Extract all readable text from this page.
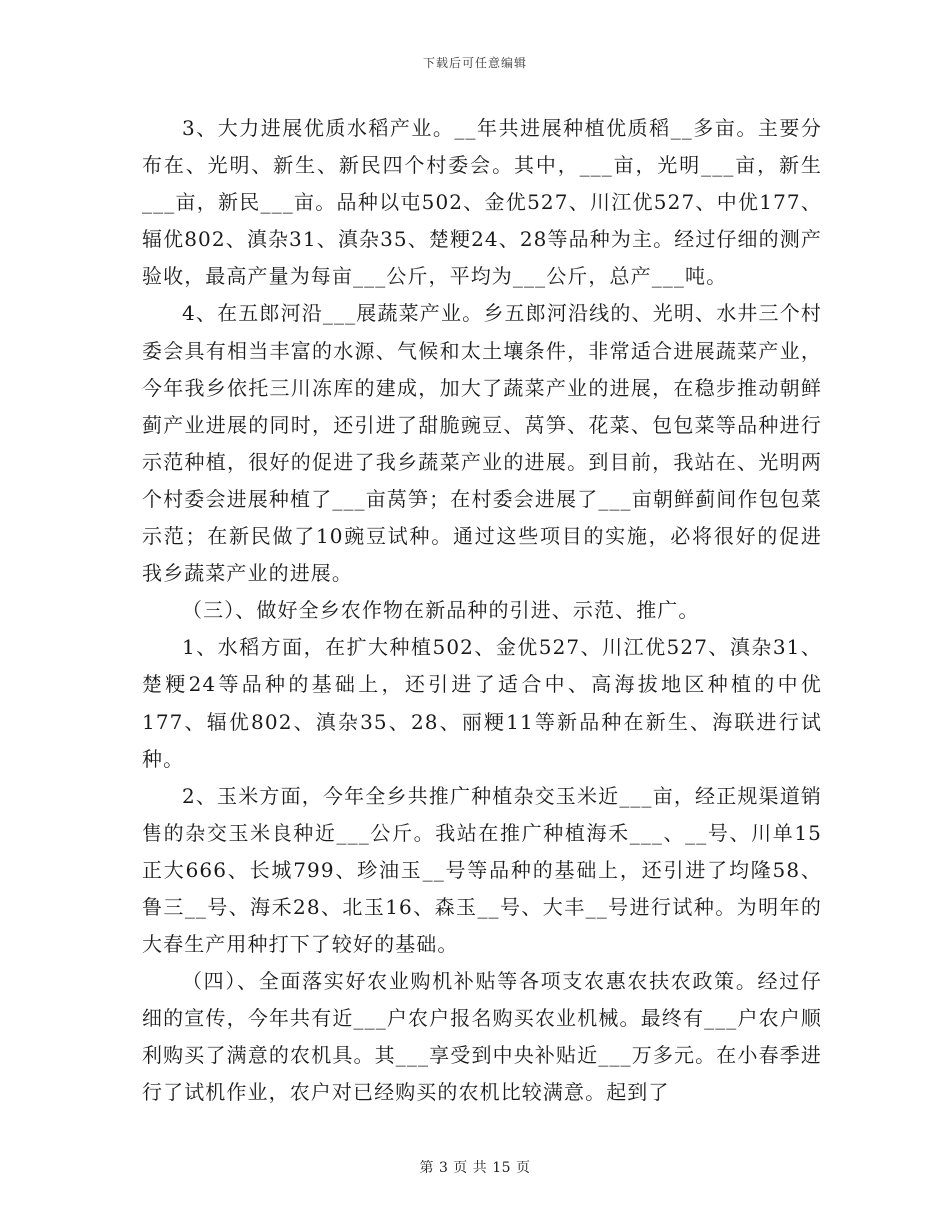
下载后可任意编辑

3、大力进展优质水稻产业。__年共进展种植优质稻__多亩。主要分布在、光明、新生、新民四个村委会。其中，___亩，光明___亩，新生___亩，新民___亩。品种以屯502、金优527、川江优527、中优177、辐优802、滇杂31、滇杂35、楚粳24、28等品种为主。经过仔细的测产验收，最高产量为每亩___公斤，平均为___公斤，总产___吨。

4、在五郎河沿___展蔬菜产业。乡五郎河沿线的、光明、水井三个村委会具有相当丰富的水源、气候和太土壤条件，非常适合进展蔬菜产业，今年我乡依托三川冻库的建成，加大了蔬菜产业的进展，在稳步推动朝鲜蓟产业进展的同时，还引进了甜脆豌豆、莴笋、花菜、包包菜等品种进行示范种植，很好的促进了我乡蔬菜产业的进展。到目前，我站在、光明两个村委会进展种植了___亩莴笋；在村委会进展了___亩朝鲜蓟间作包包菜示范；在新民做了10豌豆试种。通过这些项目的实施，必将很好的促进我乡蔬菜产业的进展。

（三）、做好全乡农作物在新品种的引进、示范、推广。

1、水稻方面，在扩大种植502、金优527、川江优527、滇杂31、楚粳24等品种的基础上，还引进了适合中、高海拔地区种植的中优177、辐优802、滇杂35、28、丽粳11等新品种在新生、海联进行试种。

2、玉米方面，今年全乡共推广种植杂交玉米近___亩，经正规渠道销售的杂交玉米良种近___公斤。我站在推广种植海禾___、__号、川单15正大666、长城799、珍油玉__号等品种的基础上，还引进了均隆58、鲁三__号、海禾28、北玉16、森玉__号、大丰__号进行试种。为明年的大春生产用种打下了较好的基础。

（四）、全面落实好农业购机补贴等各项支农惠农扶农政策。经过仔细的宣传，今年共有近___户农户报名购买农业机械。最终有___户农户顺利购买了满意的农机具。其___享受到中央补贴近___万多元。在小春季进行了试机作业，农户对已经购买的农机比较满意。起到了

第 3 页 共 15 页
